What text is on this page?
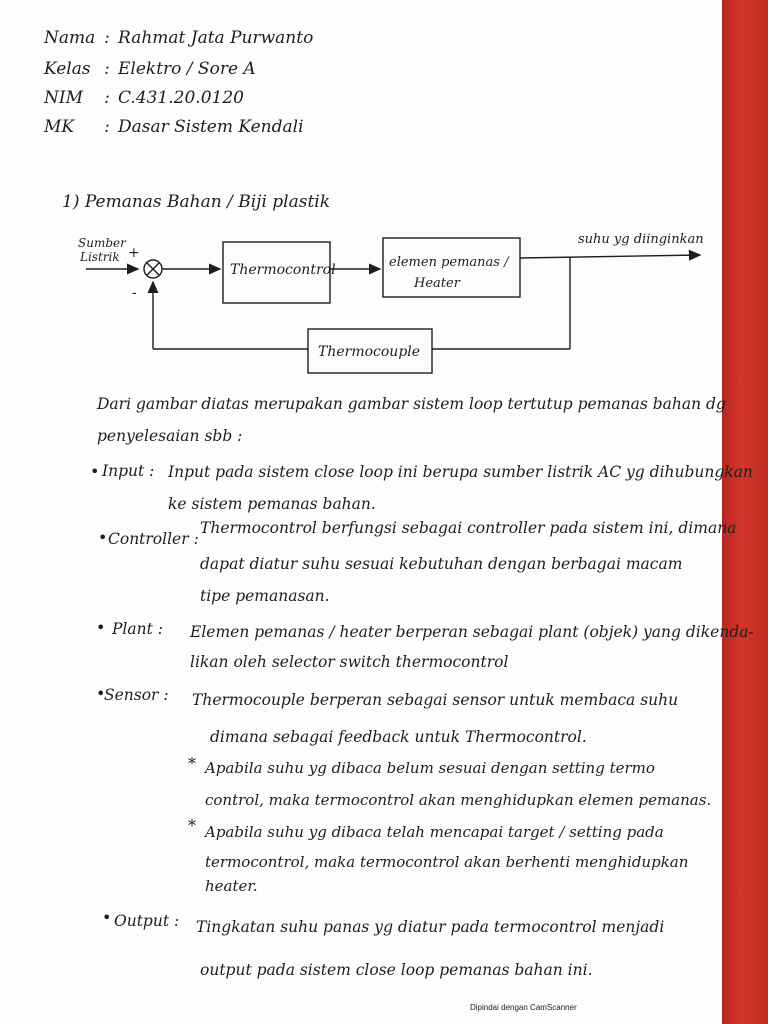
Nama : Rahmat Jata Purwanto
Kelas : Elektro / Sore A
NIM : C.431.20.0120
MK : Dasar Sistem Kendali
1) Pemanas Bahan / Biji plastik
Sumber
Listrik +
-
Thermocontrol	elemen pemanas /
Heater
Thermocouple
suhu yg diinginkan
Dari gambar diatas merupakan gambar sistem loop tertutup pemanas bahan dg
penyelesaian sbb :
• Input : Input pada sistem close loop ini berupa sumber listrik AC yg dihubungkan
ke sistem pemanas bahan.
• Controller :
Thermocontrol berfungsi sebagai controller pada sistem ini, dimana
dapat diatur suhu sesuai kebutuhan dengan berbagai macam
tipe pemanasan.
• Plant : Elemen pemanas / heater berperan sebagai plant (objek) yang dikenda-
likan oleh selector switch thermocontrol
•
Sensor : Thermocouple berperan sebagai sensor untuk membaca suhu
dimana sebagai feedback untuk Thermocontrol.
* Apabila suhu yg dibaca belum sesuai dengan setting termo
control, maka termocontrol akan menghidupkan elemen pemanas.
* Apabila suhu yg dibaca telah mencapai target / setting pada
termocontrol, maka termocontrol akan berhenti menghidupkan
heater.
• Output : Tingkatan suhu panas yg diatur pada termocontrol menjadi
output pada sistem close loop pemanas bahan ini.
Dipindai dengan CamScanner
